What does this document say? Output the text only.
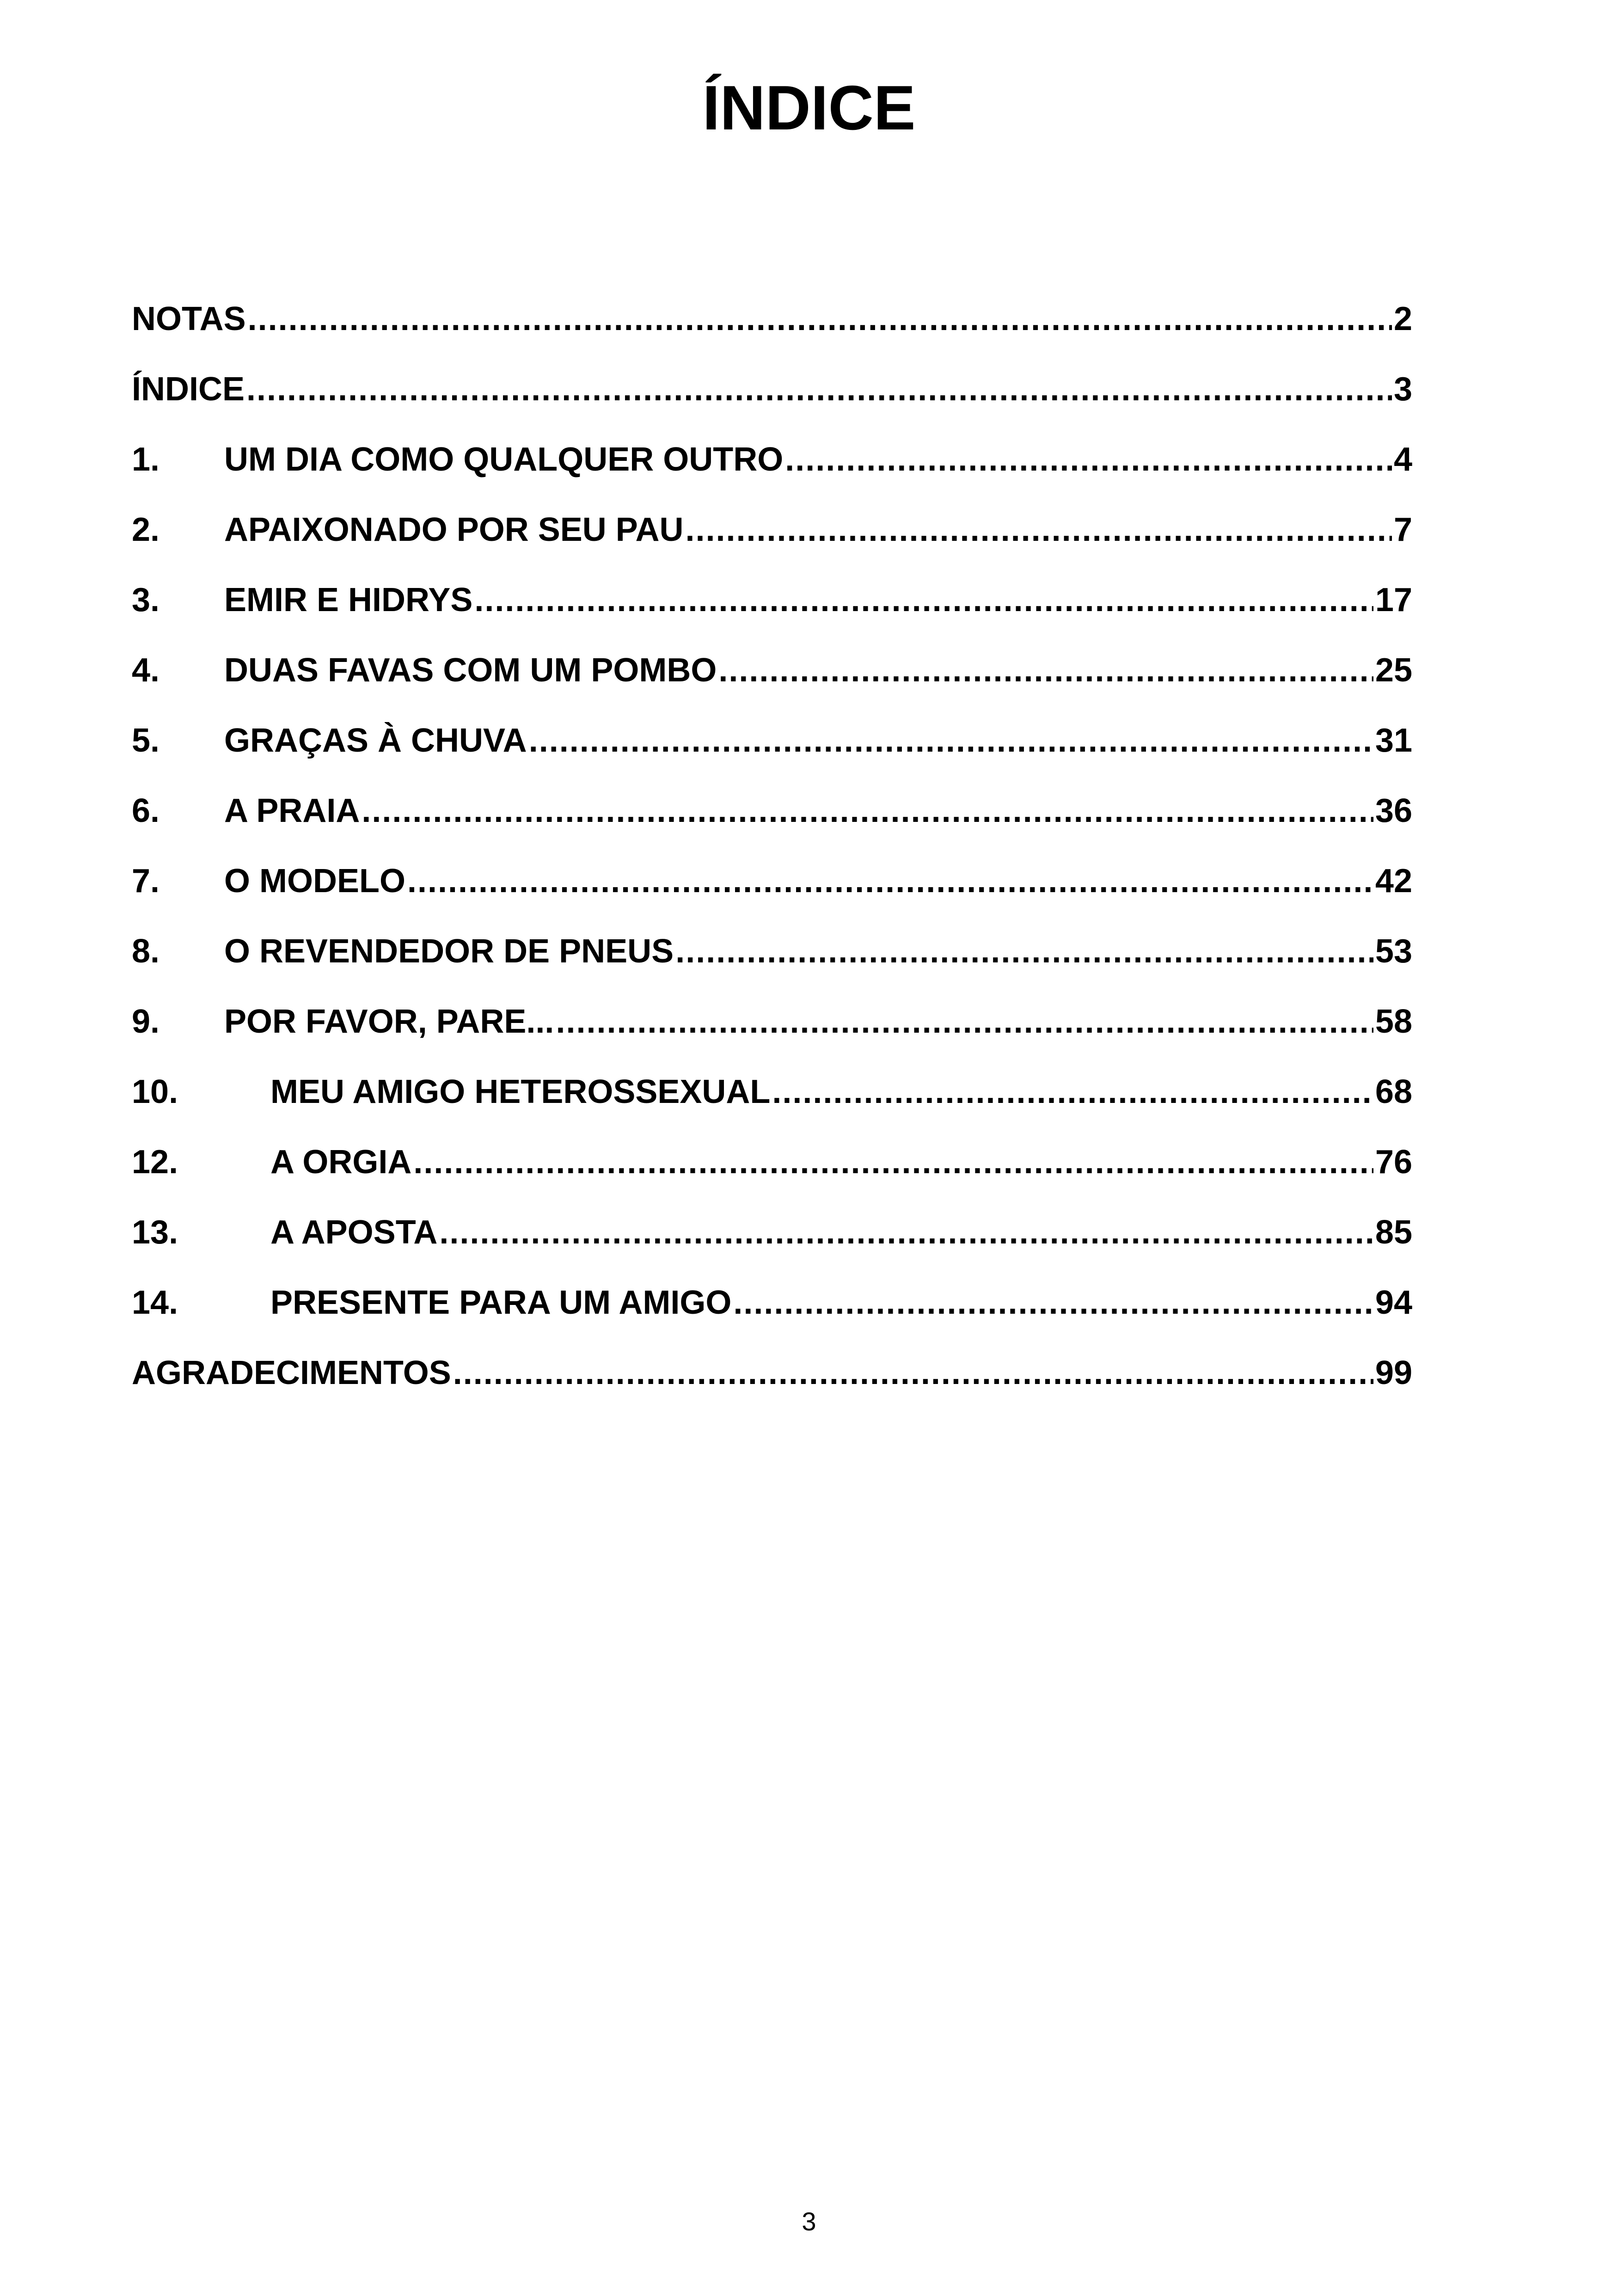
ÍNDICE
NOTAS .....	2
ÍNDICE .....	3
1.	UM DIA COMO QUALQUER OUTRO .....	4
2.	APAIXONADO POR SEU PAU .....	7
3.	EMIR E HIDRYS .....	17
4.	DUAS FAVAS COM UM POMBO .....	25
5.	GRAÇAS À CHUVA .....	31
6.	A PRAIA .....	36
7.	O MODELO .....	42
8.	O REVENDEDOR DE PNEUS .....	53
9.	POR FAVOR, PARE... .....	58
10.	MEU AMIGO HETEROSSEXUAL .....	68
12.	A ORGIA .....	76
13.	A APOSTA .....	85
14.	PRESENTE PARA UM AMIGO .....	94
AGRADECIMENTOS .....	99
3
